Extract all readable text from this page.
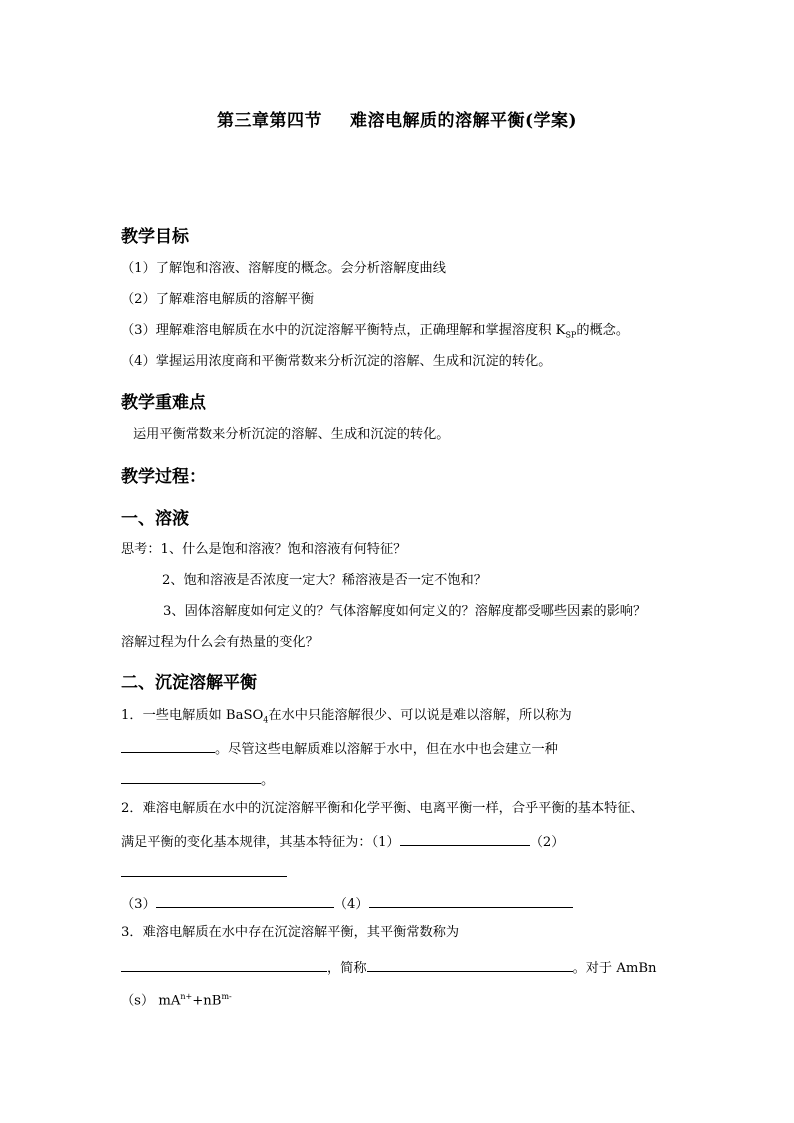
第三章第四节 难溶电解质的溶解平衡(学案)
教学目标
（1）了解饱和溶液、溶解度的概念。会分析溶解度曲线
（2）了解难溶电解质的溶解平衡
（3）理解难溶电解质在水中的沉淀溶解平衡特点，正确理解和掌握溶度积 $K_{SP}$的概念。
（4）掌握运用浓度商和平衡常数来分析沉淀的溶解、生成和沉淀的转化。
教学重难点
运用平衡常数来分析沉淀的溶解、生成和沉淀的转化。
教学过程：
一、溶液
思考：1、什么是饱和溶液？饱和溶液有何特征？
2、饱和溶液是否浓度一定大？稀溶液是否一定不饱和？
3、固体溶解度如何定义的？气体溶解度如何定义的？溶解度都受哪些因素的影响？
溶解过程为什么会有热量的变化？
二、沉淀溶解平衡
1．一些电解质如 BaSO$_4$在水中只能溶解很少、可以说是难以溶解，所以称为
。尽管这些电解质难以溶解于水中，但在水中也会建立一种
。
2．难溶电解质在水中的沉淀溶解平衡和化学平衡、电离平衡一样，合乎平衡的基本特征、
满足平衡的变化基本规律，其基本特征为：（1）	（2）
（3）	（4）
3．难溶电解质在水中存在沉淀溶解平衡，其平衡常数称为
，简称	。对于 AmBn
（s） $mA^{n+}+nB^{m-}$
